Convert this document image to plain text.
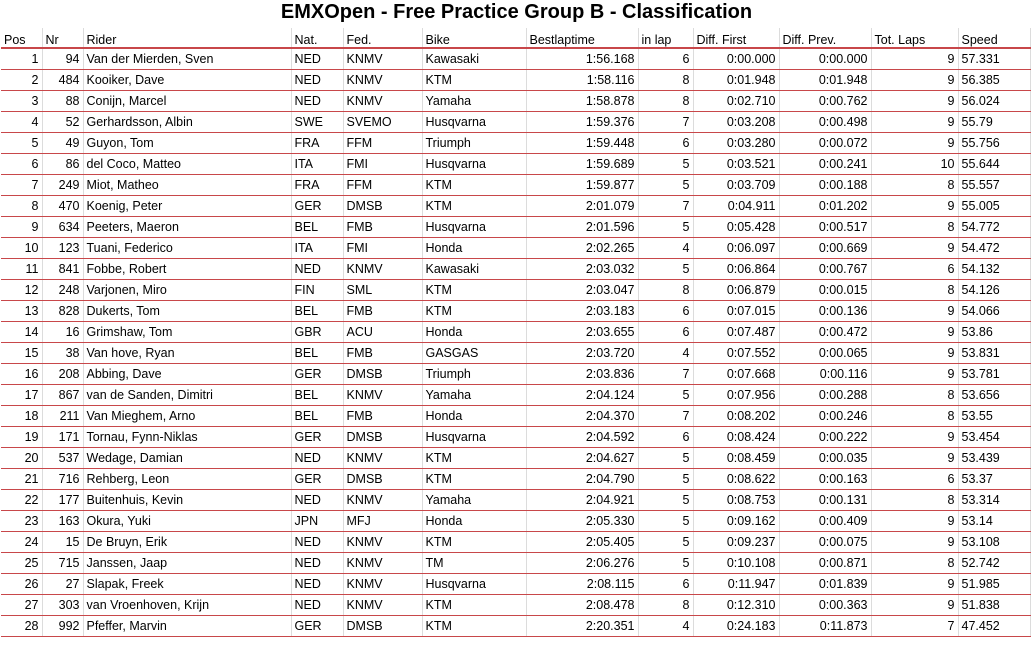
EMXOpen - Free Practice Group B - Classification
Pos	Nr	Rider	Nat.	Fed.	Bike	Bestlaptime	in lap	Diff. First	Diff. Prev.	Tot. Laps	Speed
1	94	Van der Mierden, Sven	NED	KNMV	Kawasaki	1:56.168	6	0:00.000	0:00.000	9	57.331
2	484	Kooiker, Dave	NED	KNMV	KTM	1:58.116	8	0:01.948	0:01.948	9	56.385
3	88	Conijn, Marcel	NED	KNMV	Yamaha	1:58.878	8	0:02.710	0:00.762	9	56.024
4	52	Gerhardsson, Albin	SWE	SVEMO	Husqvarna	1:59.376	7	0:03.208	0:00.498	9	55.79
5	49	Guyon, Tom	FRA	FFM	Triumph	1:59.448	6	0:03.280	0:00.072	9	55.756
6	86	del Coco, Matteo	ITA	FMI	Husqvarna	1:59.689	5	0:03.521	0:00.241	10	55.644
7	249	Miot, Matheo	FRA	FFM	KTM	1:59.877	5	0:03.709	0:00.188	8	55.557
8	470	Koenig, Peter	GER	DMSB	KTM	2:01.079	7	0:04.911	0:01.202	9	55.005
9	634	Peeters, Maeron	BEL	FMB	Husqvarna	2:01.596	5	0:05.428	0:00.517	8	54.772
10	123	Tuani, Federico	ITA	FMI	Honda	2:02.265	4	0:06.097	0:00.669	9	54.472
11	841	Fobbe, Robert	NED	KNMV	Kawasaki	2:03.032	5	0:06.864	0:00.767	6	54.132
12	248	Varjonen, Miro	FIN	SML	KTM	2:03.047	8	0:06.879	0:00.015	8	54.126
13	828	Dukerts, Tom	BEL	FMB	KTM	2:03.183	6	0:07.015	0:00.136	9	54.066
14	16	Grimshaw, Tom	GBR	ACU	Honda	2:03.655	6	0:07.487	0:00.472	9	53.86
15	38	Van hove, Ryan	BEL	FMB	GASGAS	2:03.720	4	0:07.552	0:00.065	9	53.831
16	208	Abbing, Dave	GER	DMSB	Triumph	2:03.836	7	0:07.668	0:00.116	9	53.781
17	867	van de Sanden, Dimitri	BEL	KNMV	Yamaha	2:04.124	5	0:07.956	0:00.288	8	53.656
18	211	Van Mieghem, Arno	BEL	FMB	Honda	2:04.370	7	0:08.202	0:00.246	8	53.55
19	171	Tornau, Fynn-Niklas	GER	DMSB	Husqvarna	2:04.592	6	0:08.424	0:00.222	9	53.454
20	537	Wedage, Damian	NED	KNMV	KTM	2:04.627	5	0:08.459	0:00.035	9	53.439
21	716	Rehberg, Leon	GER	DMSB	KTM	2:04.790	5	0:08.622	0:00.163	6	53.37
22	177	Buitenhuis, Kevin	NED	KNMV	Yamaha	2:04.921	5	0:08.753	0:00.131	8	53.314
23	163	Okura, Yuki	JPN	MFJ	Honda	2:05.330	5	0:09.162	0:00.409	9	53.14
24	15	De Bruyn, Erik	NED	KNMV	KTM	2:05.405	5	0:09.237	0:00.075	9	53.108
25	715	Janssen, Jaap	NED	KNMV	TM	2:06.276	5	0:10.108	0:00.871	8	52.742
26	27	Slapak, Freek	NED	KNMV	Husqvarna	2:08.115	6	0:11.947	0:01.839	9	51.985
27	303	van Vroenhoven, Krijn	NED	KNMV	KTM	2:08.478	8	0:12.310	0:00.363	9	51.838
28	992	Pfeffer, Marvin	GER	DMSB	KTM	2:20.351	4	0:24.183	0:11.873	7	47.452
